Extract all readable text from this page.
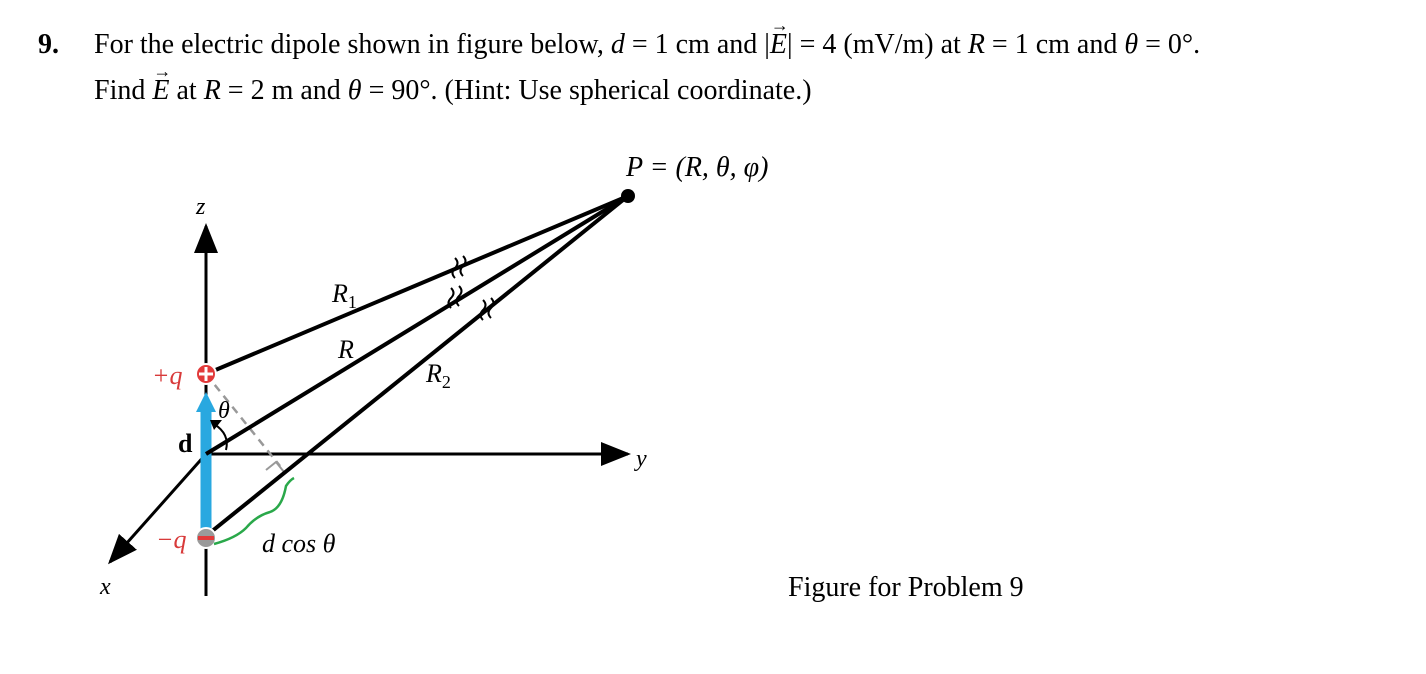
9. For the electric dipole shown in figure below, d = 1 cm and |→ E| = 4 (mV/m) at R = 1 cm and θ = 0°.
Find → E at R = 2 m and θ = 90°. (Hint: Use spherical coordinate.)
P = (R, θ, φ)
z
y
x
$R_1$
R
$R_2$
+q
−q
d
θ
d cos θ
Figure for Problem 9
